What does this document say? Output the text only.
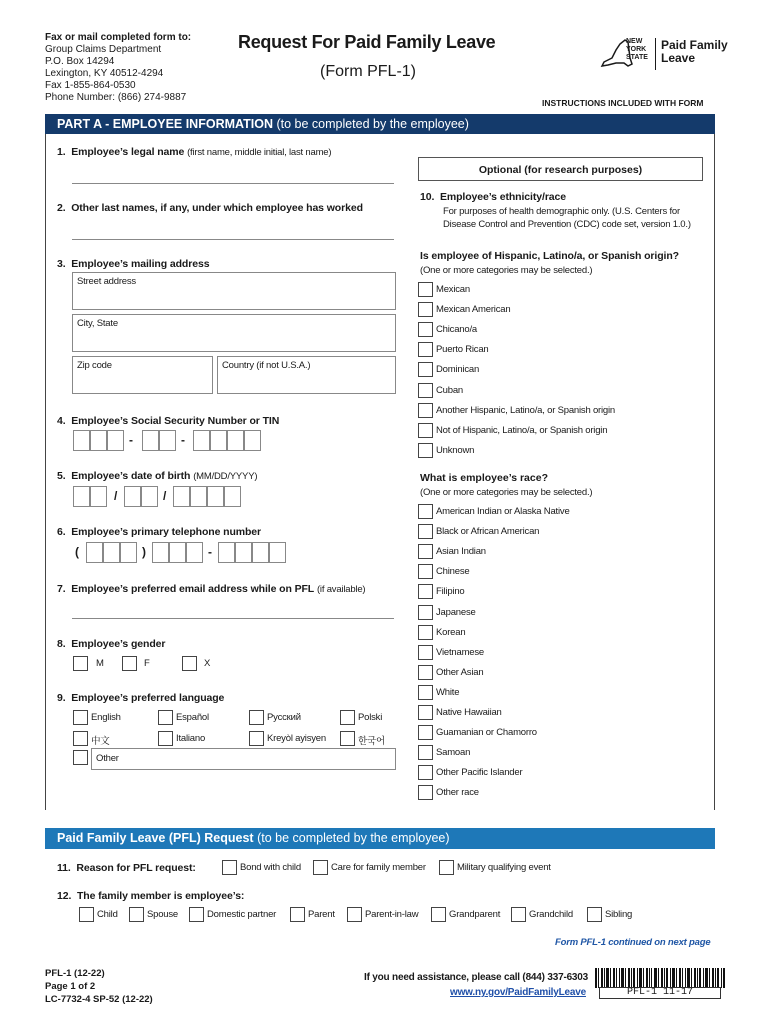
Fax or mail completed form to:
Group Claims Department
P.O. Box 14294
Lexington, KY 40512-4294
Fax 1-855-864-0530
Phone Number: (866) 274-9887
Request For Paid Family Leave
(Form PFL-1)
NEW
YORK
STATE
Paid Family
Leave
INSTRUCTIONS INCLUDED WITH FORM
PART A - EMPLOYEE INFORMATION (to be completed by the employee)
1. Employee’s legal name (first name, middle initial, last name)
2. Other last names, if any, under which employee has worked
3. Employee’s mailing address
Street address
City, State
Zip code	Country (if not U.S.A.)
4. Employee’s Social Security Number or TIN
-	-
5. Employee’s date of birth (MM/DD/YYYY)
/	/
6. Employee’s primary telephone number
(	)	-
7. Employee’s preferred email address while on PFL (if available)
8. Employee’s gender
M	F	X
9. Employee’s preferred language
English	Español	Русский	Polski
中文	Italiano	Kreyòl ayisyen	한국어
Other
Optional (for research purposes)
10. Employee’s ethnicity/race
For purposes of health demographic only. (U.S. Centers for
Disease Control and Prevention (CDC) code set, version 1.0.)
Is employee of Hispanic, Latino/a, or Spanish origin?
(One or more categories may be selected.)
Mexican
Mexican American
Chicano/a
Puerto Rican
Dominican
Cuban
Another Hispanic, Latino/a, or Spanish origin
Not of Hispanic, Latino/a, or Spanish origin
Unknown
What is employee’s race?
(One or more categories may be selected.)
American Indian or Alaska Native
Black or African American
Asian Indian
Chinese
Filipino
Japanese
Korean
Vietnamese
Other Asian
White
Native Hawaiian
Guamanian or Chamorro
Samoan
Other Pacific Islander
Other race
Paid Family Leave (PFL) Request (to be completed by the employee)
11. Reason for PFL request:	Bond with child	Care for family member	Military qualifying event
12. The family member is employee’s:
Child	Spouse	Domestic partner	Parent	Parent-in-law	Grandparent	Grandchild	Sibling
Form PFL-1 continued on next page
PFL-1 (12-22)
Page 1 of 2
LC-7732-4 SP-52 (12-22)
If you need assistance, please call (844) 337-6303
www.ny.gov/PaidFamilyLeave	PFL-1 11-17
